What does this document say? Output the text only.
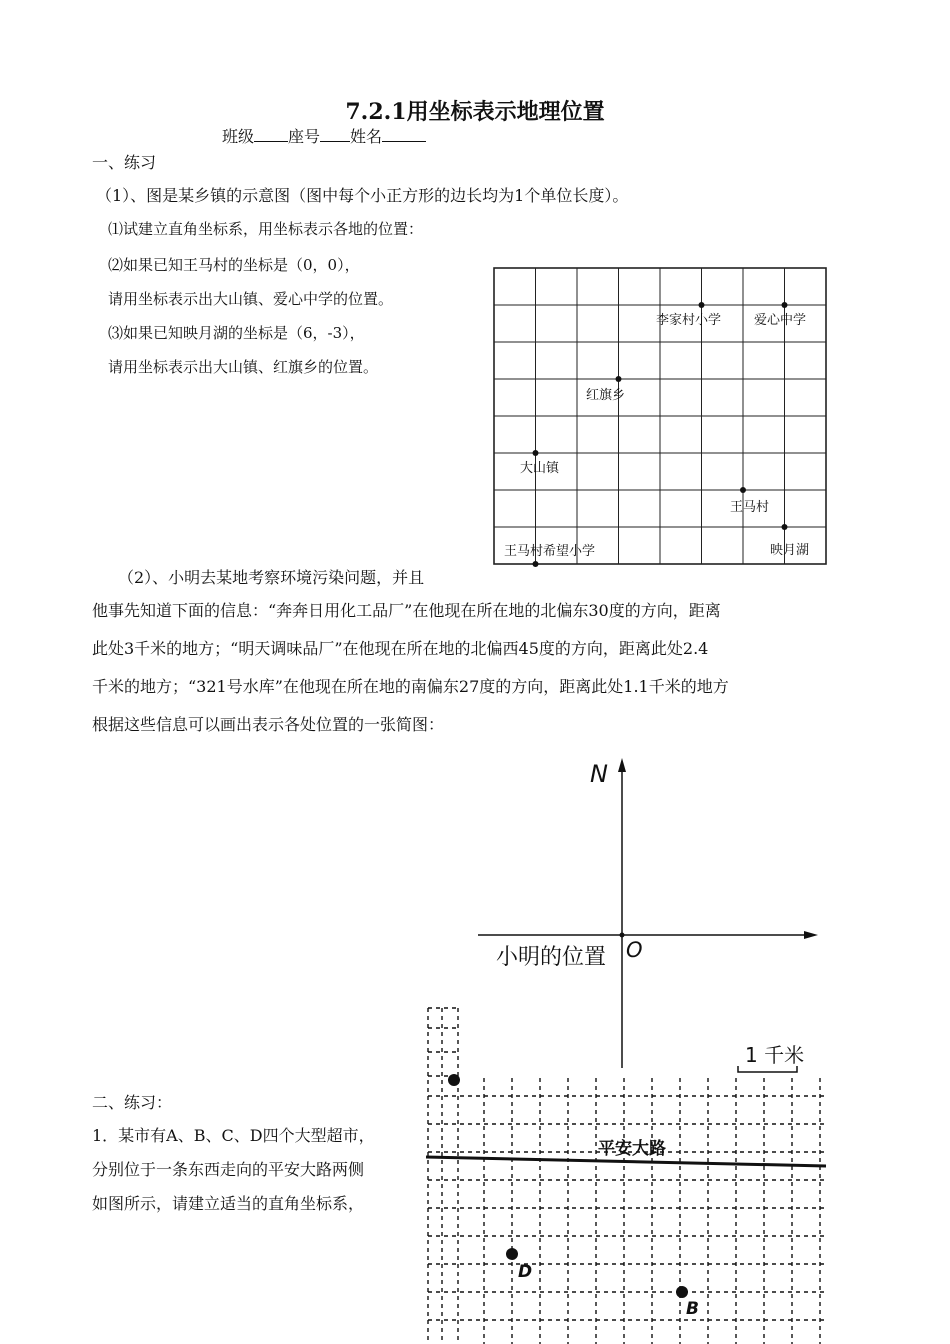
7.2.1用坐标表示地理位置
班级 座号 姓名
一、练习
（1）、图是某乡镇的示意图（图中每个小正方形的边长均为1个单位长度）。
⑴试建立直角坐标系，用坐标表示各地的位置：
⑵如果已知王马村的坐标是（0，0），
请用坐标表示出大山镇、爱心中学的位置。
⑶如果已知映月湖的坐标是（6，-3），
请用坐标表示出大山镇、红旗乡的位置。
李家村小学	爱心中学
红旗乡
大山镇
王马村
映月湖
王马村希望小学
（2）、小明去某地考察环境污染问题，并且
他事先知道下面的信息：“奔奔日用化工品厂”在他现在所在地的北偏东30度的方向，距离
此处3千米的地方；“明天调味品厂”在他现在所在地的北偏西45度的方向，距离此处2.4
千米的地方；“321号水库”在他现在所在地的南偏东27度的方向，距离此处1.1千米的地方
根据这些信息可以画出表示各处位置的一张简图：
N
O
小明的位置
1 千米
平安大路
D
B
二、练习：
1．某市有A、B、C、D四个大型超市，
分别位于一条东西走向的平安大路两侧
如图所示，请建立适当的直角坐标系，
